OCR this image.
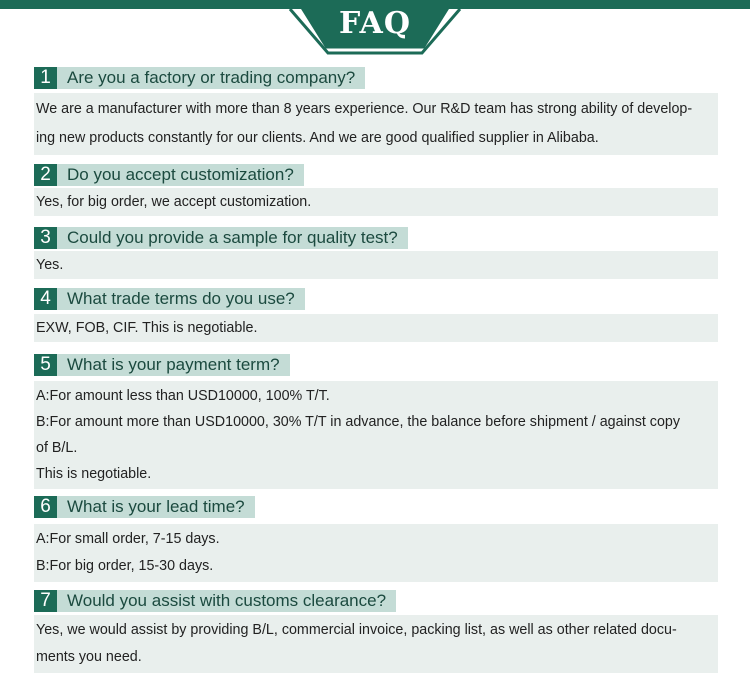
FAQ
1 Are you a factory or trading company?
We are a manufacturer with more than 8 years experience. Our R&D team has strong ability of develop-
ing new products constantly for our clients. And we are good qualified supplier in Alibaba.
2 Do you accept customization?
Yes, for big order, we accept customization.
3 Could you provide a sample for quality test?
Yes.
4 What trade terms do you use?
EXW, FOB, CIF. This is negotiable.
5 What is your payment term?
A:For amount less than USD10000, 100% T/T.
B:For amount more than USD10000, 30% T/T in advance, the balance before shipment / against copy
of B/L.
This is negotiable.
6 What is your lead time?
A:For small order, 7-15 days.
B:For big order, 15-30 days.
7 Would you assist with customs clearance?
Yes, we would assist by providing B/L, commercial invoice, packing list, as well as other related docu-
ments you need.
